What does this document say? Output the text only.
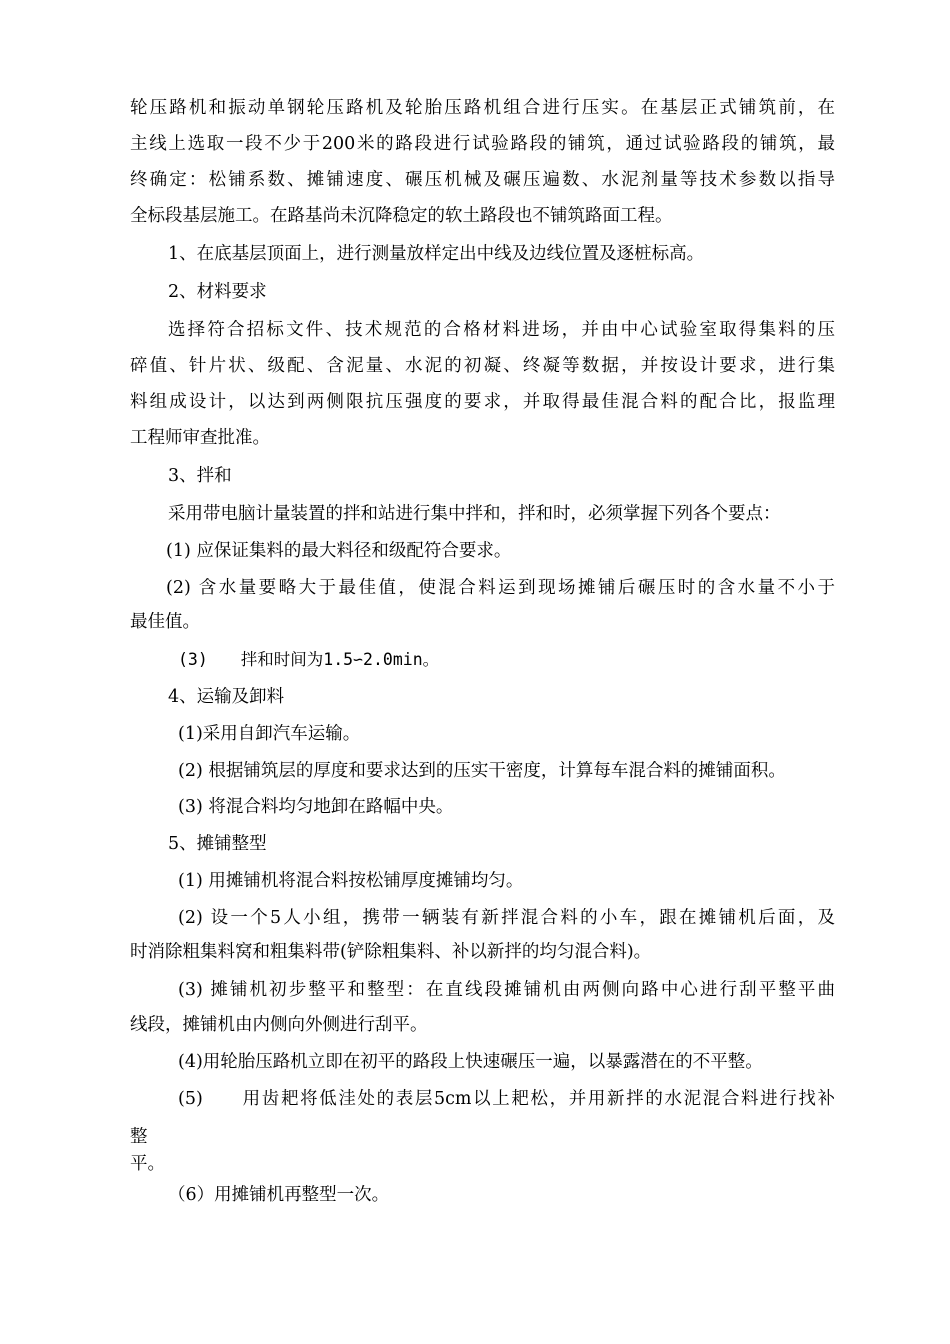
轮压路机和振动单钢轮压路机及轮胎压路机组合进行压实。在基层正式铺筑前，在

主线上选取一段不少于200米的路段进行试验路段的铺筑，通过试验路段的铺筑，最

终确定：松铺系数、摊铺速度、碾压机械及碾压遍数、水泥剂量等技术参数以指导

全标段基层施工。在路基尚未沉降稳定的软土路段也不铺筑路面工程。

1、在底基层顶面上，进行测量放样定出中线及边线位置及逐桩标高。

2、材料要求

选择符合招标文件、技术规范的合格材料进场，并由中心试验室取得集料的压

碎值、针片状、级配、含泥量、水泥的初凝、终凝等数据，并按设计要求，进行集

料组成设计，以达到两侧限抗压强度的要求，并取得最佳混合料的配合比，报监理

工程师审查批准。

3、拌和

采用带电脑计量装置的拌和站进行集中拌和，拌和时，必须掌握下列各个要点：

(1) 应保证集料的最大料径和级配符合要求。

(2) 含水量要略大于最佳值，使混合料运到现场摊铺后碾压时的含水量不小于

最佳值。

(3)　　拌和时间为1.5∽2.0min。

4、运输及卸料

(1)采用自卸汽车运输。

(2) 根据铺筑层的厚度和要求达到的压实干密度，计算每车混合料的摊铺面积。

(3) 将混合料均匀地卸在路幅中央。

5、摊铺整型

(1) 用摊铺机将混合料按松铺厚度摊铺均匀。

(2) 设一个5人小组，携带一辆装有新拌混合料的小车，跟在摊铺机后面，及

时消除粗集料窝和粗集料带(铲除粗集料、补以新拌的均匀混合料)。

(3) 摊铺机初步整平和整型：在直线段摊铺机由两侧向路中心进行刮平整平曲

线段，摊铺机由内侧向外侧进行刮平。

(4)用轮胎压路机立即在初平的路段上快速碾压一遍，以暴露潜在的不平整。

(5)　　用齿耙将低洼处的表层5cm以上耙松，并用新拌的水泥混合料进行找补

整

平。

（6）用摊铺机再整型一次。
